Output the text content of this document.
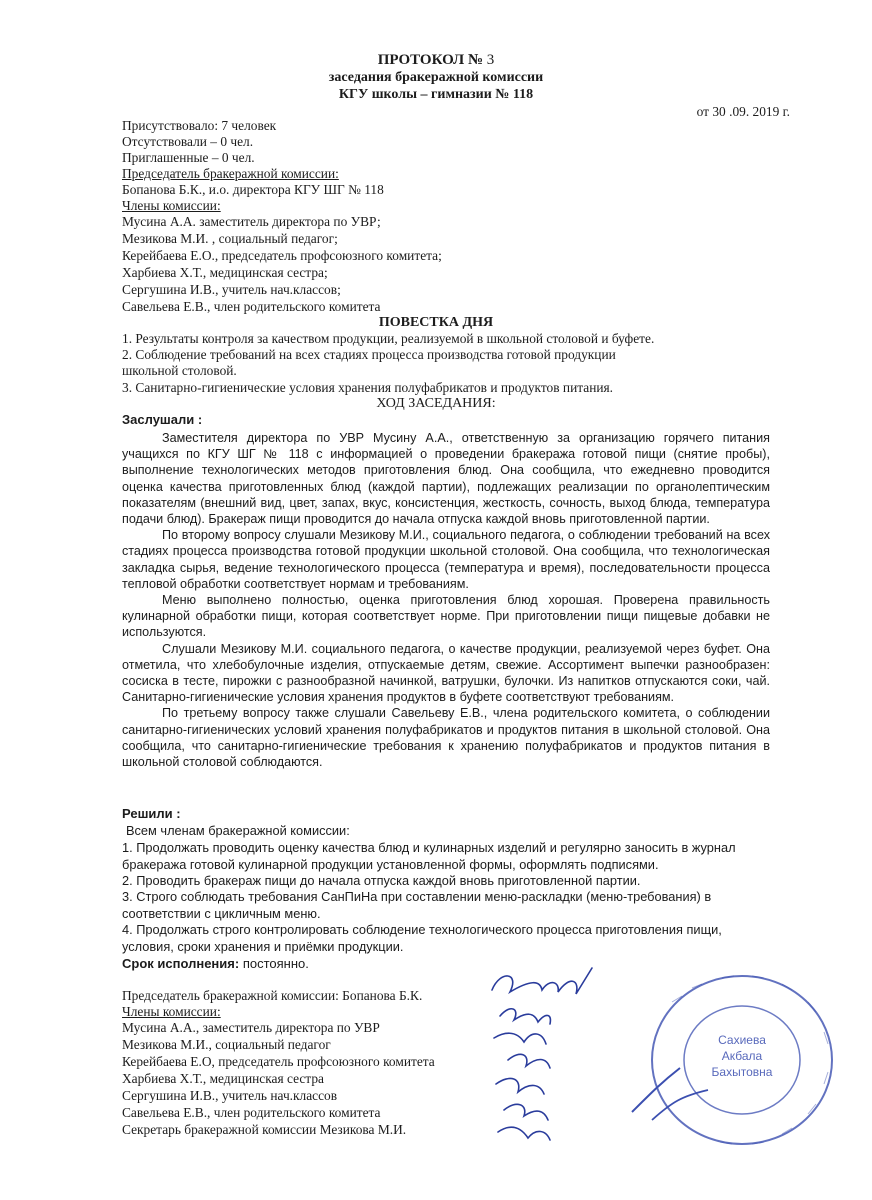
ПРОТОКОЛ № 3
заседания бракеражной комиссии
КГУ школы – гимназии № 118
от 30 .09. 2019 г.
Присутствовало: 7 человек
Отсутствовали – 0 чел.
Приглашенные – 0 чел.
Председатель бракеражной комиссии:
Бопанова Б.К., и.о. директора КГУ ШГ № 118
Члены комиссии:
Мусина А.А. заместитель директора по УВР;
Мезикова М.И. , социальный педагог;
Керейбаева Е.О., председатель профсоюзного комитета;
Харбиева Х.Т., медицинская сестра;
Сергушина И.В., учитель нач.классов;
Савельева Е.В., член родительского комитета
ПОВЕСТКА ДНЯ
1. Результаты контроля за качеством продукции, реализуемой в школьной столовой и буфете.
2. Соблюдение требований на всех стадиях процесса производства готовой продукции
школьной столовой.
3. Санитарно-гигиенические условия хранения полуфабрикатов и продуктов питания.
ХОД ЗАСЕДАНИЯ:
Заслушали :

Заместителя директора по УВР Мусину А.А., ответственную за организацию горячего питания учащихся по КГУ ШГ № 118 с информацией о проведении бракеража готовой пищи (снятие пробы), выполнение технологических методов приготовления блюд. Она сообщила, что ежедневно проводится оценка качества приготовленных блюд (каждой партии), подлежащих реализации по органолептическим показателям (внешний вид, цвет, запах, вкус, консистенция, жесткость, сочность, выход блюда, температура подачи блюд). Бракераж пищи проводится до начала отпуска каждой вновь приготовленной партии.

По второму вопросу слушали Мезикову М.И., социального педагога, о соблюдении требований на всех стадиях процесса производства готовой продукции школьной столовой. Она сообщила, что технологическая закладка сырья, ведение технологического процесса (температура и время), последовательности процесса тепловой обработки соответствует нормам и требованиям.

Меню выполнено полностью, оценка приготовления блюд хорошая. Проверена правильность кулинарной обработки пищи, которая соответствует норме. При приготовлении пищи пищевые добавки не используются.

Слушали Мезикову М.И. социального педагога, о качестве продукции, реализуемой через буфет. Она отметила, что хлебобулочные изделия, отпускаемые детям, свежие. Ассортимент выпечки разнообразен: сосиска в тесте, пирожки с разнообразной начинкой, ватрушки, булочки. Из напитков отпускаются соки, чай. Санитарно-гигиенические условия хранения продуктов в буфете соответствуют требованиям.

По третьему вопросу также слушали Савельеву Е.В., члена родительского комитета, о соблюдении санитарно-гигиенических условий хранения полуфабрикатов и продуктов питания в школьной столовой. Она сообщила, что санитарно-гигиенические требования к хранению полуфабрикатов и продуктов питания в школьной столовой соблюдаются.

Решили :
Всем членам бракеражной комиссии:
1. Продолжать проводить оценку качества блюд и кулинарных изделий и регулярно заносить в журнал бракеража готовой кулинарной продукции установленной формы, оформлять подписями.
2. Проводить бракераж пищи до начала отпуска каждой вновь приготовленной партии.
3. Строго соблюдать требования СанПиНа при составлении меню-раскладки (меню-требования) в соответствии с цикличным меню.
4. Продолжать строго контролировать соблюдение технологического процесса приготовления пищи, условия, сроки хранения и приёмки продукции.
Срок исполнения: постоянно.
Председатель бракеражной комиссии: Бопанова Б.К.
Члены комиссии:
Мусина А.А., заместитель директора по УВР
Мезикова М.И., социальный педагог
Керейбаева Е.О, председатель профсоюзного комитета
Харбиева Х.Т., медицинская сестра
Сергушина И.В., учитель нач.классов
Савельева Е.В., член родительского комитета
Секретарь бракеражной комиссии Мезикова М.И.
Сахиева
Акбала
Бахытовна
